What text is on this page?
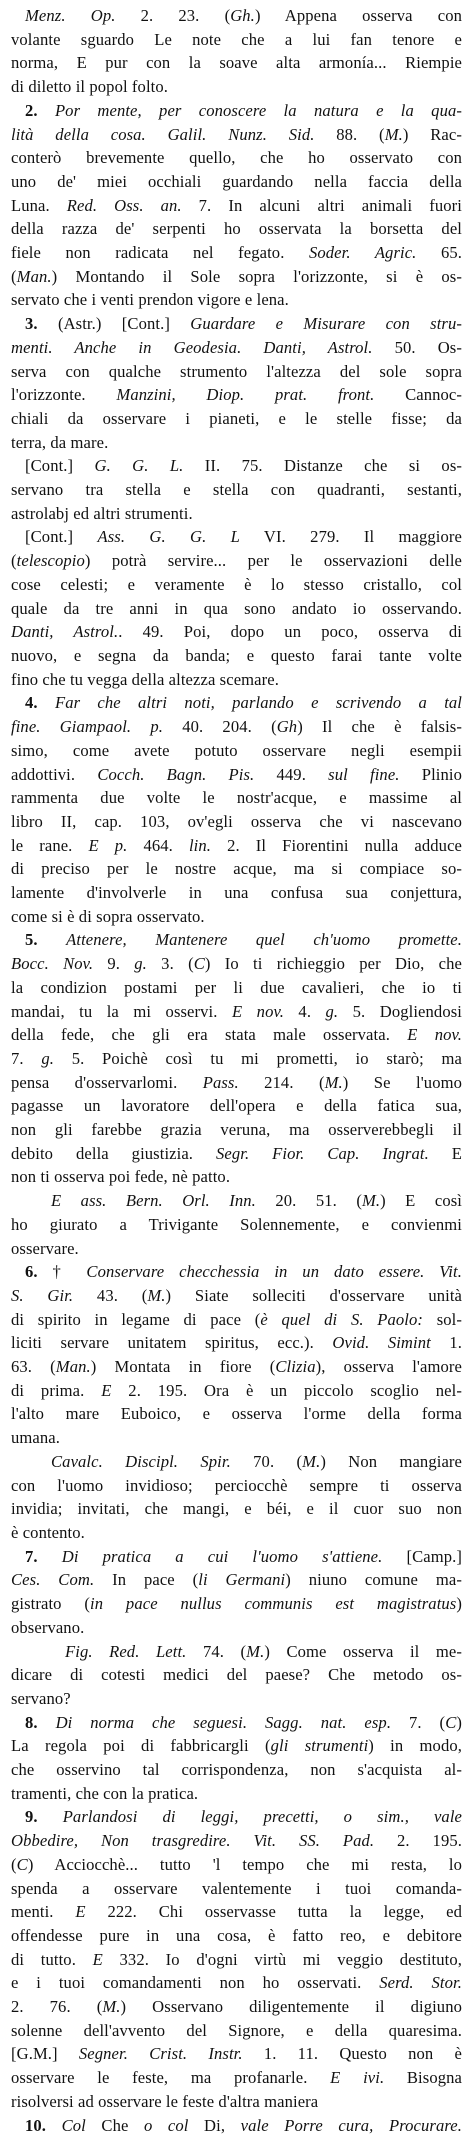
Menz. Op. 2. 23. (Gh.) Appena osserva con
volante sguardo Le note che a lui fan tenore e
norma, E pur con la soave alta armonía... Riempie
di diletto il popol folto.
2. Por mente, per conoscere la natura e la qua-
lità della cosa. Galil. Nunz. Sid. 88. (M.) Rac-
conterò brevemente quello, che ho osservato con
uno de' miei occhiali guardando nella faccia della
Luna. Red. Oss. an. 7. In alcuni altri animali fuori
della razza de' serpenti ho osservata la borsetta del
fiele non radicata nel fegato. Soder. Agric. 65.
(Man.) Montando il Sole sopra l'orizzonte, si è os-
servato che i venti prendon vigore e lena.
3. (Astr.) [Cont.] Guardare e Misurare con stru-
menti. Anche in Geodesia. Danti, Astrol. 50. Os-
serva con qualche strumento l'altezza del sole sopra
l'orizzonte. Manzini, Diop. prat. front. Cannoc-
chiali da osservare i pianeti, e le stelle fisse; da
terra, da mare.
[Cont.] G. G. L. II. 75. Distanze che si os-
servano tra stella e stella con quadranti, sestanti,
astrolabj ed altri strumenti.
[Cont.] Ass. G. G. L VI. 279. Il maggiore
(telescopio) potrà servire... per le osservazioni delle
cose celesti; e veramente è lo stesso cristallo, col
quale da tre anni in qua sono andato io osservando.
Danti, Astrol.. 49. Poi, dopo un poco, osserva di
nuovo, e segna da banda; e questo farai tante volte
fino che tu vegga della altezza scemare.
4. Far che altri noti, parlando e scrivendo a tal
fine. Giampaol. p. 40. 204. (Gh) Il che è falsis-
simo, come avete potuto osservare negli esempii
addottivi. Cocch. Bagn. Pis. 449. sul fine. Plinio
rammenta due volte le nostr'acque, e massime al
libro II, cap. 103, ov'egli osserva che vi nascevano
le rane. E p. 464. lin. 2. Il Fiorentini nulla adduce
di preciso per le nostre acque, ma si compiace so-
lamente d'involverle in una confusa sua conjettura,
come si è di sopra osservato.
5. Attenere, Mantenere quel ch'uomo promette.
Bocc. Nov. 9. g. 3. (C) Io ti richieggio per Dio, che
la condizion postami per li due cavalieri, che io ti
mandai, tu la mi osservi. E nov. 4. g. 5. Dogliendosi
della fede, che gli era stata male osservata. E nov.
7. g. 5. Poichè così tu mi prometti, io starò; ma
pensa d'osservarlomi. Pass. 214. (M.) Se l'uomo
pagasse un lavoratore dell'opera e della fatica sua,
non gli farebbe grazia veruna, ma osserverebbegli il
debito della giustizia. Segr. Fior. Cap. Ingrat. E
non ti osserva poi fede, nè patto.
E ass. Bern. Orl. Inn. 20. 51. (M.) E così
ho giurato a Trivigante Solennemente, e convienmi
osservare.
6. † Conservare checchessia in un dato essere. Vit.
S. Gir. 43. (M.) Siate solleciti d'osservare unità
di spirito in legame di pace (è quel di S. Paolo: sol-
liciti servare unitatem spiritus, ecc.). Ovid. Simint 1.
63. (Man.) Montata in fiore (Clizia), osserva l'amore
di prima. E 2. 195. Ora è un piccolo scoglio nel-
l'alto mare Euboico, e osserva l'orme della forma
umana.
Cavalc. Discipl. Spir. 70. (M.) Non mangiare
con l'uomo invidioso; perciocchè sempre ti osserva
invidia; invitati, che mangi, e béi, e il cuor suo non
è contento.
7. Di pratica a cui l'uomo s'attiene. [Camp.]
Ces. Com. In pace (li Germani) niuno comune ma-
gistrato (in pace nullus communis est magistratus)
observano.
Fig. Red. Lett. 74. (M.) Come osserva il me-
dicare di cotesti medici del paese? Che metodo os-
servano?
8. Di norma che seguesi. Sagg. nat. esp. 7. (C)
La regola poi di fabbricargli (gli strumenti) in modo,
che osservino tal corrispondenza, non s'acquista al-
tramenti, che con la pratica.
9. Parlandosi di leggi, precetti, o sim., vale
Obbedire, Non trasgredire. Vit. SS. Pad. 2. 195.
(C) Acciocchè... tutto 'l tempo che mi resta, lo
spenda a osservare valentemente i tuoi comanda-
menti. E 222. Chi osservasse tutta la legge, ed
offendesse pure in una cosa, è fatto reo, e debitore
di tutto. E 332. Io d'ogni virtù mi veggio destituto,
e i tuoi comandamenti non ho osservati. Serd. Stor.
2. 76. (M.) Osservano diligentemente il digiuno
solenne dell'avvento del Signore, e della quaresima.
[G.M.] Segner. Crist. Instr. 1. 11. Questo non è
osservare le feste, ma profanarle. E ivi. Bisogna
risolversi ad osservare le feste d'altra maniera
10. Col Che o col Di, vale Porre cura, Procurare.
